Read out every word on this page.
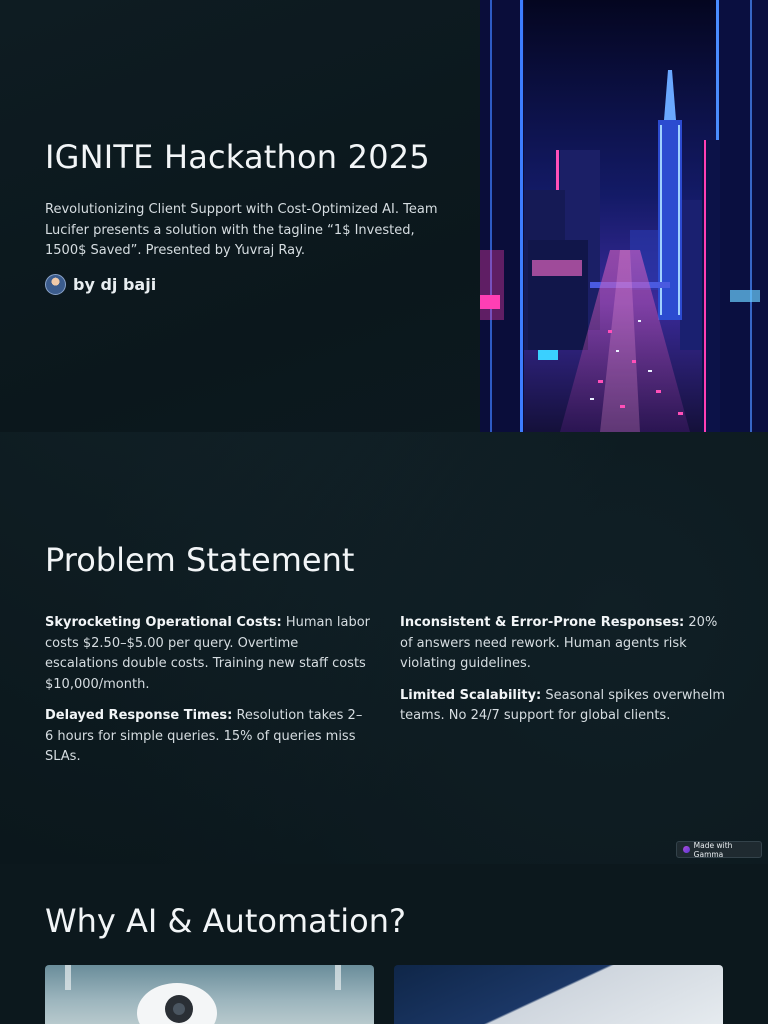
IGNITE Hackathon 2025

Revolutionizing Client Support with Cost-Optimized AI. Team Lucifer presents a solution with the tagline “1$ Invested, 1500$ Saved”. Presented by Yuvraj Ray.

by dj baji
Problem Statement

Skyrocketing Operational Costs: Human labor costs $2.50–$5.00 per query. Overtime escalations double costs. Training new staff costs $10,000/month.

Delayed Response Times: Resolution takes 2–6 hours for simple queries. 15% of queries miss SLAs.

Inconsistent & Error-Prone Responses: 20% of answers need rework. Human agents risk violating guidelines.

Limited Scalability: Seasonal spikes overwhelm teams. No 24/7 support for global clients.

Made with Gamma
Why AI & Automation?
